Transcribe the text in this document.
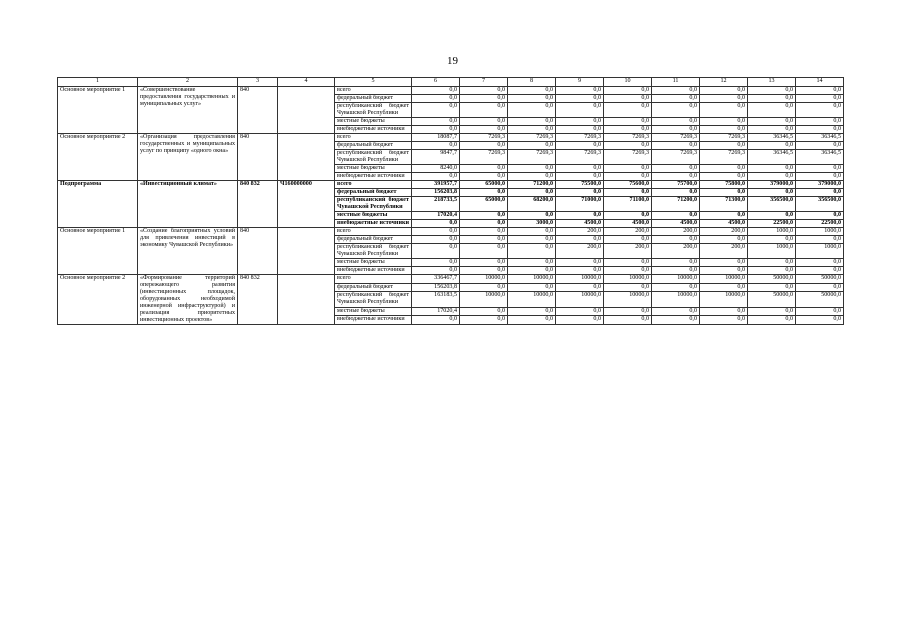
19
1	2	3	4	5	6	7	8	9	10	11	12	13	14
Основное мероприятие 1	«Совершенствование предоставления государственных и муниципальных услуг»	840		всего	0,0	0,0	0,0	0,0	0,0	0,0	0,0	0,0	0,0
				федеральный бюджет	0,0	0,0	0,0	0,0	0,0	0,0	0,0	0,0	0,0
				республиканский бюджет Чувашской Республики	0,0	0,0	0,0	0,0	0,0	0,0	0,0	0,0	0,0
				местные бюджеты	0,0	0,0	0,0	0,0	0,0	0,0	0,0	0,0	0,0
				внебюджетные источники	0,0	0,0	0,0	0,0	0,0	0,0	0,0	0,0	0,0
Основное мероприятие 2	«Организация предоставления государственных и муниципальных услуг по принципу «одного окна»	840		всего	18087,7	7269,3	7269,3	7269,3	7269,3	7269,3	7269,3	36346,5	36346,5
				федеральный бюджет	0,0	0,0	0,0	0,0	0,0	0,0	0,0	0,0	0,0
				республиканский бюджет Чувашской Республики	9847,7	7269,3	7269,3	7269,3	7269,3	7269,3	7269,3	36346,5	36346,5
				местные бюджеты	8240,0	0,0	0,0	0,0	0,0	0,0	0,0	0,0	0,0
				внебюджетные источники	0,0	0,0	0,0	0,0	0,0	0,0	0,0	0,0	0,0
Подпрограмма	«Инвестиционный климат»	840 832	Ч160000000	всего	391957,7	65000,0	71200,0	75500,0	75600,0	75700,0	75800,0	379000,0	379000,0
				федеральный бюджет	156203,8	0,0	0,0	0,0	0,0	0,0	0,0	0,0	0,0
				республиканский бюджет Чувашской Республики	218733,5	65000,0	68200,0	71000,0	71100,0	71200,0	71300,0	356500,0	356500,0
				местные бюджеты	17020,4	0,0	0,0	0,0	0,0	0,0	0,0	0,0	0,0
				внебюджетные источники	0,0	0,0	3000,0	4500,0	4500,0	4500,0	4500,0	22500,0	22500,0
Основное мероприятие 1	«Создание благоприятных условий для привлечения инвестиций в экономику Чувашской Республики»	840		всего	0,0	0,0	0,0	200,0	200,0	200,0	200,0	1000,0	1000,0
				федеральный бюджет	0,0	0,0	0,0	0,0	0,0	0,0	0,0	0,0	0,0
				республиканский бюджет Чувашской Республики	0,0	0,0	0,0	200,0	200,0	200,0	200,0	1000,0	1000,0
				местные бюджеты	0,0	0,0	0,0	0,0	0,0	0,0	0,0	0,0	0,0
				внебюджетные источники	0,0	0,0	0,0	0,0	0,0	0,0	0,0	0,0	0,0
Основное мероприятие 2	«Формирование территорий опережающего развития (инвестиционных площадок, оборудованных необходимой инженерной инфраструктурой) и реализация приоритетных инвестиционных проектов»	840 832		всего	336467,7	10000,0	10000,0	10000,0	10000,0	10000,0	10000,0	50000,0	50000,0
				федеральный бюджет	156203,8	0,0	0,0	0,0	0,0	0,0	0,0	0,0	0,0
				республиканский бюджет Чувашской Республики	163183,5	10000,0	10000,0	10000,0	10000,0	10000,0	10000,0	50000,0	50000,0
				местные бюджеты	17020,4	0,0	0,0	0,0	0,0	0,0	0,0	0,0	0,0
				внебюджетные источники	0,0	0,0	0,0	0,0	0,0	0,0	0,0	0,0	0,0
